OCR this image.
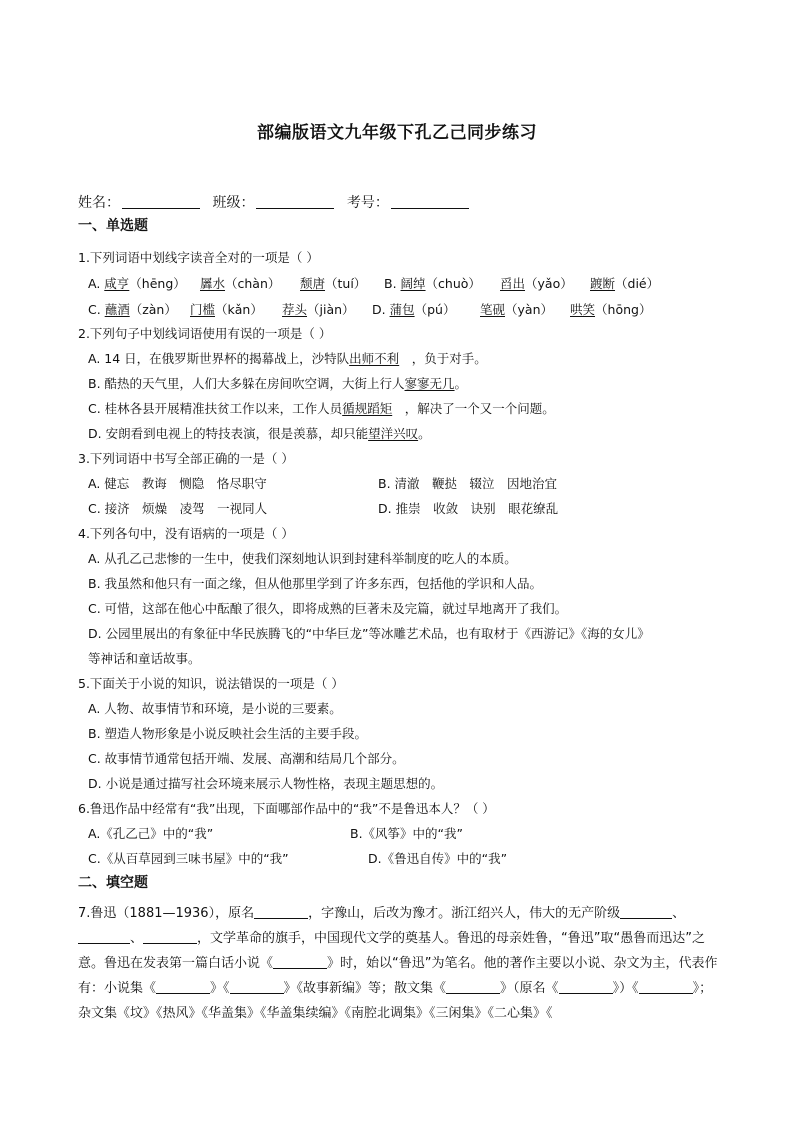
部编版语文九年级下孔乙己同步练习
姓名：	班级：	考号：
一、单选题
1.下列词语中划线字读音全对的一项是（ ）
A. 咸亨（hēng） 羼水（chàn） 颓唐（tuí） B. 阔绰（chuò） 舀出（yǎo） 踱断（dié）
C. 蘸酒（zàn） 门槛（kǎn） 荐头（jiàn） D. 蒲包（pú） 笔砚（yàn） 哄笑（hōng）
2.下列句子中划线词语使用有误的一项是（ ）
A. 14 日，在俄罗斯世界杯的揭幕战上，沙特队出师不利　，负于对手。
B. 酷热的天气里，人们大多躲在房间吹空调，大街上行人寥寥无几。
C. 桂林各县开展精准扶贫工作以来，工作人员循规蹈矩　，解决了一个又一个问题。
D. 安朗看到电视上的特技表演，很是羡慕，却只能望洋兴叹。
3.下列词语中书写全部正确的一是（ ）
A. 健忘　教诲　恻隐　恪尽职守	B. 清澈　鞭挞　辍泣　因地治宜
C. 接济　烦燥　凌驾　一视同人	D. 推崇　收敛　诀别　眼花缭乱
4.下列各句中，没有语病的一项是（ ）
A. 从孔乙己悲惨的一生中，使我们深刻地认识到封建科举制度的吃人的本质。
B. 我虽然和他只有一面之缘，但从他那里学到了许多东西，包括他的学识和人品。
C. 可惜，这部在他心中酝酿了很久，即将成熟的巨著未及完篇，就过早地离开了我们。
D. 公园里展出的有象征中华民族腾飞的“中华巨龙”等冰雕艺术品，也有取材于《西游记》《海的女儿》
等神话和童话故事。
5.下面关于小说的知识，说法错误的一项是（ ）
A. 人物、故事情节和环境，是小说的三要素。
B. 塑造人物形象是小说反映社会生活的主要手段。
C. 故事情节通常包括开端、发展、高潮和结局几个部分。
D. 小说是通过描写社会环境来展示人物性格，表现主题思想的。
6.鲁迅作品中经常有“我”出现，下面哪部作品中的“我”不是鲁迅本人？（ ）
A.《孔乙己》中的“我”	B.《风筝》中的“我”
C.《从百草园到三味书屋》中的“我”	D.《鲁迅自传》中的“我”
二、填空题
7.鲁迅（1881—1936），原名	，字豫山，后改为豫才。浙江绍兴人，伟大的无产阶级	、、	，文学革命的旗手，中国现代文学的奠基人。鲁迅的母亲姓鲁，“鲁迅”取“愚鲁而迅达”之意。鲁迅在发表第一篇白话小说《	》时，始以“鲁迅”为笔名。他的著作主要以小说、杂文为主，代表作有：小说集《	》《	》《故事新编》等；散文集《	》（原名《	》）《	》；杂文集《坟》《热风》《华盖集》《华盖集续编》《南腔北调集》《三闲集》《二心集》《
